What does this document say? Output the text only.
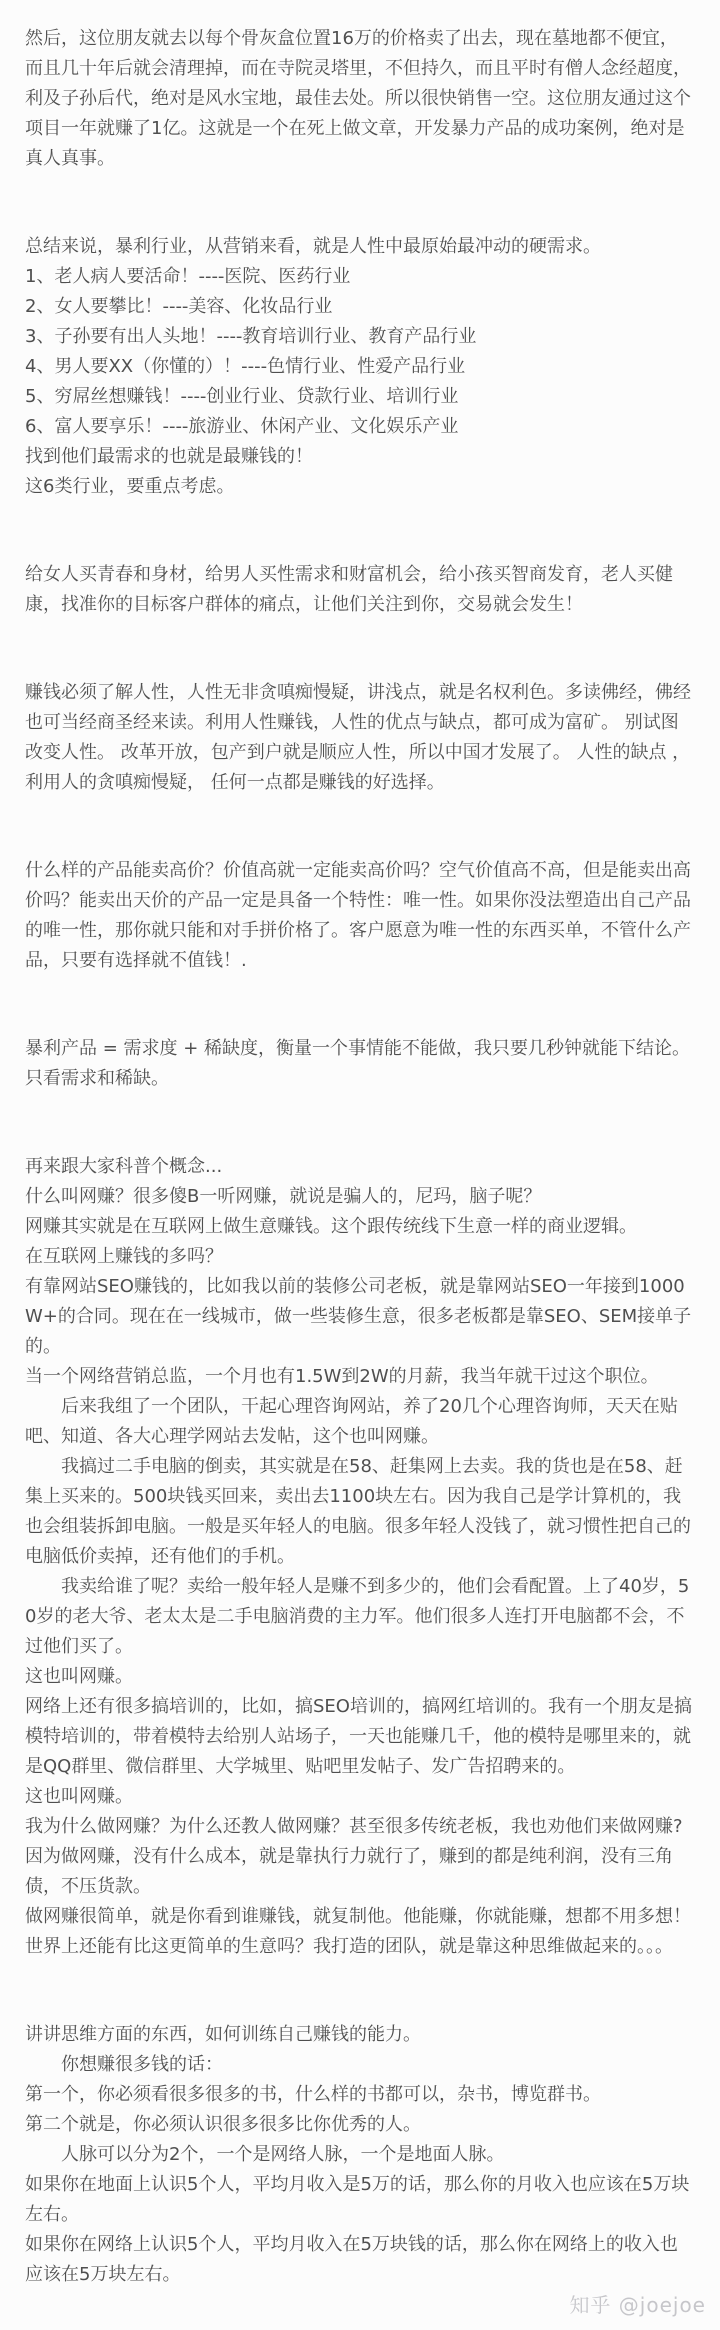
然后，这位朋友就去以每个骨灰盒位置16万的价格卖了出去，现在墓地都不便宜，而且几十年后就会清理掉，而在寺院灵塔里，不但持久，而且平时有僧人念经超度，利及子孙后代，绝对是风水宝地，最佳去处。所以很快销售一空。这位朋友通过这个项目一年就赚了1亿。这就是一个在死上做文章，开发暴力产品的成功案例，绝对是真人真事。

总结来说，暴利行业，从营销来看，就是人性中最原始最冲动的硬需求。

1、老人病人要活命！----医院、医药行业

2、女人要攀比！----美容、化妆品行业

3、子孙要有出人头地！----教育培训行业、教育产品行业

4、男人要XX（你懂的）！----色情行业、性爱产品行业

5、穷屌丝想赚钱！----创业行业、贷款行业、培训行业

6、富人要享乐！----旅游业、休闲产业、文化娱乐产业

找到他们最需求的也就是最赚钱的！

这6类行业，要重点考虑。

给女人买青春和身材，给男人买性需求和财富机会，给小孩买智商发育，老人买健康，找准你的目标客户群体的痛点，让他们关注到你，交易就会发生！

赚钱必须了解人性，人性无非贪嗔痴慢疑，讲浅点，就是名权利色。多读佛经，佛经也可当经商圣经来读。利用人性赚钱，人性的优点与缺点，都可成为富矿。 别试图改变人性。 改革开放，包产到户就是顺应人性，所以中国才发展了。 人性的缺点 ，利用人的贪嗔痴慢疑， 任何一点都是赚钱的好选择。

什么样的产品能卖高价？价值高就一定能卖高价吗？空气价值高不高，但是能卖出高价吗？能卖出天价的产品一定是具备一个特性：唯一性。如果你没法塑造出自己产品的唯一性，那你就只能和对手拼价格了。客户愿意为唯一性的东西买单，不管什么产品，只要有选择就不值钱！.

暴利产品 = 需求度 + 稀缺度，衡量一个事情能不能做，我只要几秒钟就能下结论。只看需求和稀缺。

再来跟大家科普个概念...

什么叫网赚？很多傻B一听网赚，就说是骗人的，尼玛，脑子呢？

网赚其实就是在互联网上做生意赚钱。这个跟传统线下生意一样的商业逻辑。

在互联网上赚钱的多吗？

有靠网站SEO赚钱的，比如我以前的装修公司老板，就是靠网站SEO一年接到1000W+的合同。现在在一线城市，做一些装修生意，很多老板都是靠SEO、SEM接单子的。

当一个网络营销总监，一个月也有1.5W到2W的月薪，我当年就干过这个职位。

后来我组了一个团队，干起心理咨询网站，养了20几个心理咨询师，天天在贴吧、知道、各大心理学网站去发帖，这个也叫网赚。

我搞过二手电脑的倒卖，其实就是在58、赶集网上去卖。我的货也是在58、赶集上买来的。500块钱买回来，卖出去1100块左右。因为我自己是学计算机的，我也会组装拆卸电脑。一般是买年轻人的电脑。很多年轻人没钱了，就习惯性把自己的电脑低价卖掉，还有他们的手机。

我卖给谁了呢？卖给一般年轻人是赚不到多少的，他们会看配置。上了40岁，50岁的老大爷、老太太是二手电脑消费的主力军。他们很多人连打开电脑都不会，不过他们买了。

这也叫网赚。

网络上还有很多搞培训的，比如，搞SEO培训的，搞网红培训的。我有一个朋友是搞模特培训的，带着模特去给别人站场子，一天也能赚几千，他的模特是哪里来的，就是QQ群里、微信群里、大学城里、贴吧里发帖子、发广告招聘来的。

这也叫网赚。

我为什么做网赚？为什么还教人做网赚？甚至很多传统老板，我也劝他们来做网赚?

因为做网赚，没有什么成本，就是靠执行力就行了，赚到的都是纯利润，没有三角债，不压货款。

做网赚很简单，就是你看到谁赚钱，就复制他。他能赚，你就能赚，想都不用多想！世界上还能有比这更简单的生意吗？我打造的团队，就是靠这种思维做起来的。。。

讲讲思维方面的东西，如何训练自己赚钱的能力。

你想赚很多钱的话：

第一个，你必须看很多很多的书，什么样的书都可以，杂书，博览群书。

第二个就是，你必须认识很多很多比你优秀的人。

人脉可以分为2个，一个是网络人脉，一个是地面人脉。

如果你在地面上认识5个人，平均月收入是5万的话，那么你的月收入也应该在5万块左右。

如果你在网络上认识5个人，平均月收入在5万块钱的话，那么你在网络上的收入也应该在5万块左右。

知乎 @joejoe
